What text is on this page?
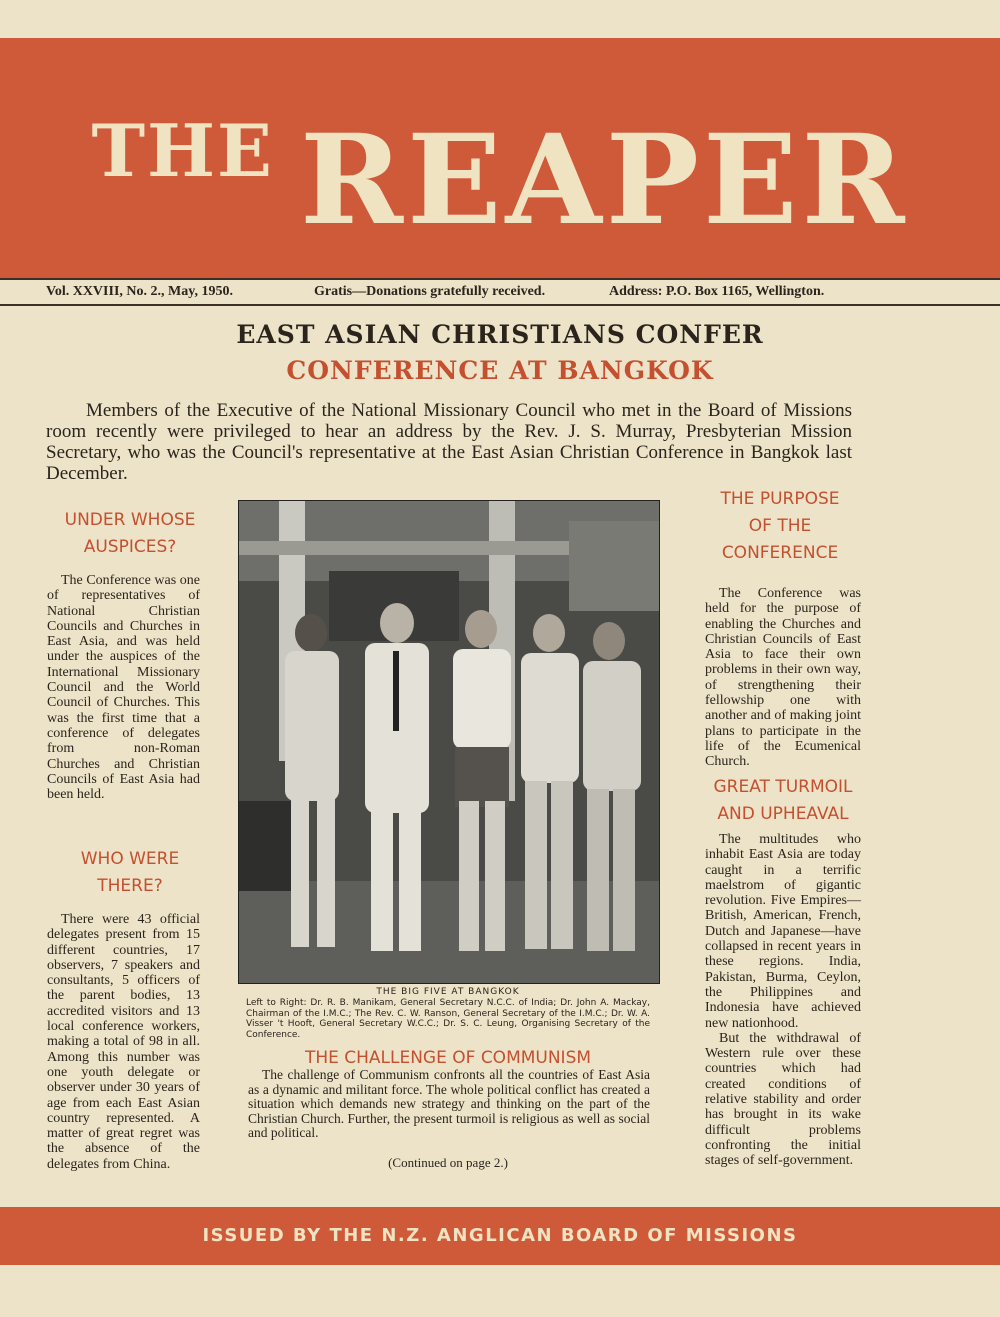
THE REAPER
Vol. XXVIII, No. 2., May, 1950.	Gratis—Donations gratefully received.	Address: P.O. Box 1165, Wellington.
EAST ASIAN CHRISTIANS CONFER
CONFERENCE AT BANGKOK
Members of the Executive of the National Missionary Council who met in the Board of Missions room recently were privileged to hear an address by the Rev. J. S. Murray, Presbyterian Mission Secretary, who was the Council's representative at the East Asian Christian Conference in Bangkok last December.
UNDER WHOSE
AUSPICES?

The Conference was one of representatives of National Christian Councils and Churches in East Asia, and was held under the auspices of the International Missionary Council and the World Council of Churches. This was the first time that a conference of delegates from non-Roman Churches and Christian Councils of East Asia had been held.

WHO WERE
THERE?

There were 43 official delegates present from 15 different countries, 17 observers, 7 speakers and consultants, 5 officers of the parent bodies, 13 accredited visitors and 13 local conference workers, making a total of 98 in all. Among this number was one youth delegate or observer under 30 years of age from each East Asian country represented. A matter of great regret was the absence of the delegates from China.

THE BIG FIVE AT BANGKOK
Left to Right: Dr. R. B. Manikam, General Secretary N.C.C. of India; Dr. John A. Mackay, Chairman of the I.M.C.; The Rev. C. W. Ranson, General Secretary of the I.M.C.; Dr. W. A. Visser 't Hooft, General Secretary W.C.C.; Dr. S. C. Leung, Organising Secretary of the Conference.
THE CHALLENGE OF COMMUNISM

The challenge of Communism confronts all the countries of East Asia as a dynamic and militant force. The whole political conflict has created a situation which demands new strategy and thinking on the part of the Christian Church. Further, the present turmoil is religious as well as social and political.

(Continued on page 2.)
THE PURPOSE
OF THE
CONFERENCE

The Conference was held for the purpose of enabling the Churches and Christian Councils of East Asia to face their own problems in their own way, of strengthening their fellowship one with another and of making joint plans to participate in the life of the Ecumenical Church.

GREAT TURMOIL
AND UPHEAVAL

The multitudes who inhabit East Asia are today caught in a terrific maelstrom of gigantic revolution. Five Empires—British, American, French, Dutch and Japanese—have collapsed in recent years in these regions. India, Pakistan, Burma, Ceylon, the Philippines and Indonesia have achieved new nationhood.

But the withdrawal of Western rule over these countries which had created conditions of relative stability and order has brought in its wake difficult problems confronting the initial stages of self-government.

ISSUED BY THE N.Z. ANGLICAN BOARD OF MISSIONS
